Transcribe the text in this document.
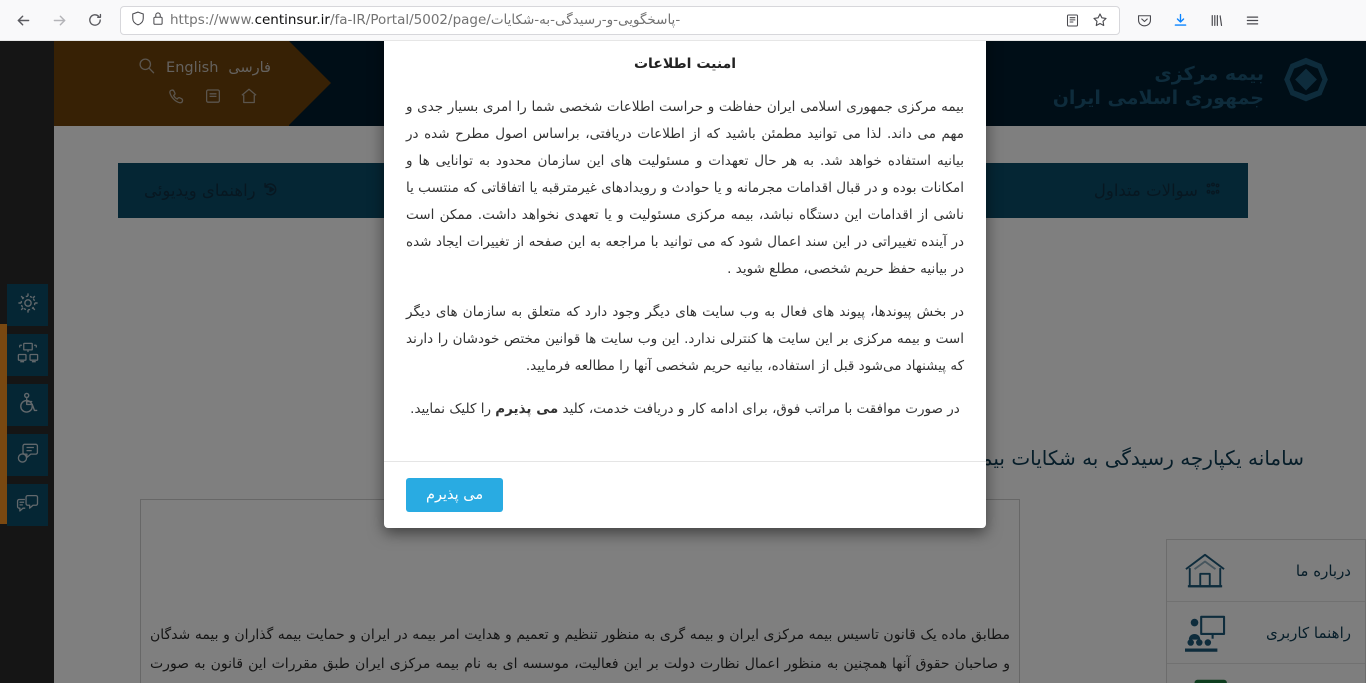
https://www.centinsur.ir/fa-IR/Portal/5002/page/پاسخگویی-و-رسیدگی-به-شکایات-

امنیت اطلاعات

بیمه مرکزی جمهوری اسلامی ایران حفاظت و حراست اطلاعات شخصی شما را امری بسیار جدی و مهم می داند. لذا می توانید مطمئن باشید که از اطلاعات دریافتی، براساس اصول مطرح شده در بیانیه استفاده خواهد شد. به هر حال تعهدات و مسئولیت های این سازمان محدود به توانایی ها و امکانات بوده و در قبال اقدامات مجرمانه و یا حوادث و رویدادهای غیرمترقبه یا اتفاقاتی که منتسب یا ناشی از اقدامات این دستگاه نباشد، بیمه مرکزی مسئولیت و یا تعهدی نخواهد داشت. ممکن است در آینده تغییراتی در این سند اعمال شود که می توانید با مراجعه به این صفحه از تغییرات ایجاد شده در بیانیه حفظ حریم شخصی، مطلع شوید .

در بخش پیوندها، پیوند های فعال به وب سایت های دیگر وجود دارد که متعلق به سازمان های دیگر است و بیمه مرکزی بر این سایت ها کنترلی ندارد. این وب سایت ها قوانین مختص خودشان را دارند که پیشنهاد می‌شود قبل از استفاده، بیانیه حریم شخصی آنها را مطالعه فرمایید.

در صورت موافقت با مراتب فوق، برای ادامه کار و دریافت خدمت، کلید می پذیرم را کلیک نمایید.

می پذیرم
